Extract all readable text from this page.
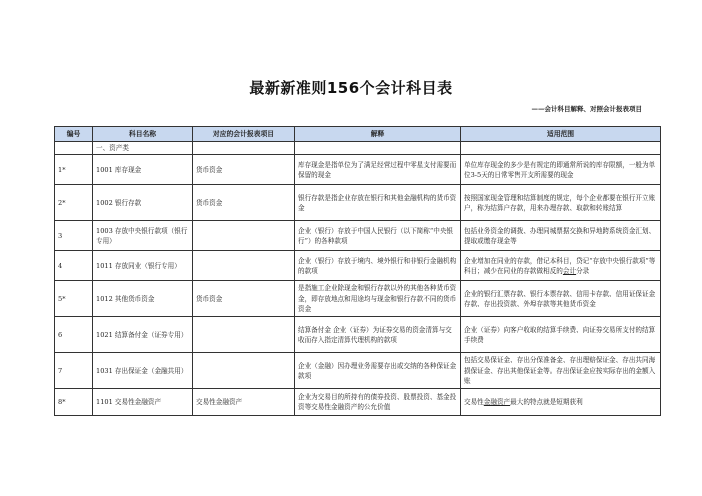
最新新准则156个会计科目表
——会计科目解释、对照会计报表项目
编号	科目名称	对应的会计报表项目	解释	适用范围
	一、资产类			
1*	1001 库存现金	货币资金	库存现金是指单位为了满足经营过程中零星支付需要而保留的现金	单位库存现金的多少是有规定的即通常所说的库存限额，一般为单位3-5天的日常零售开支所需要的现金
2*	1002 银行存款	货币资金	银行存款是指企业存放在银行和其他金融机构的货币资金	按照国家现金管理和结算制度的规定，每个企业都要在银行开立账户，称为结算户存款，用来办理存款、取款和转账结算
3	1003 存放中央银行款项（银行专用）		企业（银行）存放于中国人民银行（以下简称“中央银行”）的各种款项	包括业务资金的调拨、办理同城票据交换和异地跨系统资金汇划、提取或缴存现金等
4	1011 存放同业（银行专用）		企业（银行）存放于境内、境外银行和非银行金融机构的款项	企业增加在同业的存款，借记本科目，贷记“存放中央银行款项”等科目；减少在同业的存款做相反的会计分录
5*	1012 其他货币资金	货币资金	是指施工企业除现金和银行存款以外的其他各种货币资金，即存放地点和用途均与现金和银行存款不同的货币资金	企业的银行汇票存款、银行本票存款、信用卡存款、信用证保证金存款、存出投资款、外埠存款等其他货币资金
6	1021 结算备付金（证券专用）		结算备付金 企业（证券）为证券交易的资金清算与交收而存入指定清算代理机构的款项	企业（证券）向客户收取的结算手续费、向证券交易所支付的结算手续费
7	1031 存出保证金（金融共用）		企业（金融）因办理业务需要存出或交纳的各种保证金款项	包括交易保证金、存出分保准备金、存出理赔保证金、存出共同海损保证金、存出其他保证金等。存出保证金应按实际存出的金额入账
8*	1101 交易性金融资产	交易性金融资产	企业为交易目的所持有的债券投资、股票投资、基金投资等交易性金融资产的公允价值	交易性金融资产最大的特点就是短期获利
